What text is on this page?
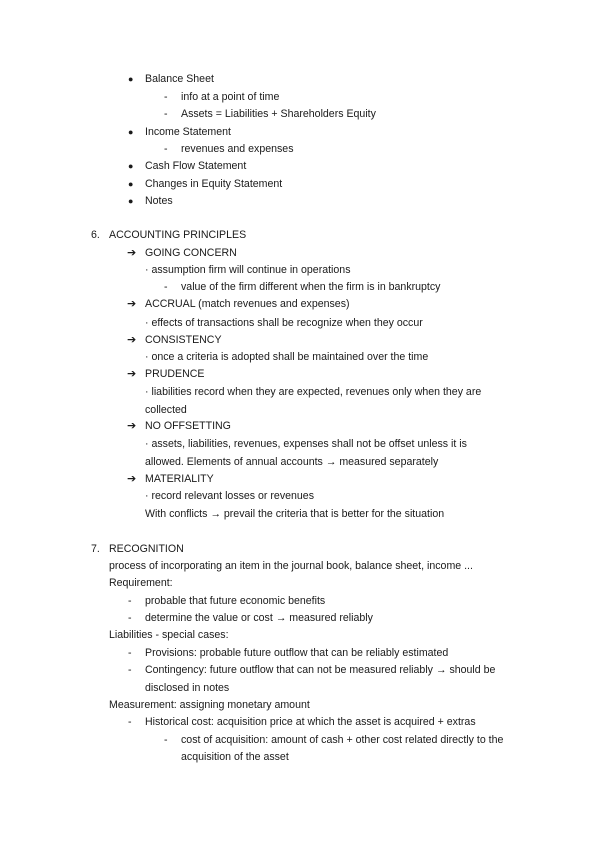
● Balance Sheet
- info at a point of time
- Assets = Liabilities + Shareholders Equity
● Income Statement
- revenues and expenses
● Cash Flow Statement
● Changes in Equity Statement
● Notes
6. ACCOUNTING PRINCIPLES
➔ GOING CONCERN
· assumption firm will continue in operations
- value of the firm different when the firm is in bankruptcy
➔ ACCRUAL (match revenues and expenses)
· effects of transactions shall be recognize when they occur
➔ CONSISTENCY
· once a criteria is adopted shall be maintained over the time
➔ PRUDENCE
· liabilities record when they are expected, revenues only when they are
collected
➔ NO OFFSETTING
· assets, liabilities, revenues, expenses shall not be offset unless it is
allowed. Elements of annual accounts → measured separately
➔ MATERIALITY
· record relevant losses or revenues
With conflicts → prevail the criteria that is better for the situation
7. RECOGNITION
process of incorporating an item in the journal book, balance sheet, income ...
Requirement:
- probable that future economic benefits
- determine the value or cost → measured reliably
Liabilities - special cases:
- Provisions: probable future outflow that can be reliably estimated
- Contingency: future outflow that can not be measured reliably → should be
disclosed in notes
Measurement: assigning monetary amount
- Historical cost: acquisition price at which the asset is acquired + extras
- cost of acquisition: amount of cash + other cost related directly to the
acquisition of the asset
